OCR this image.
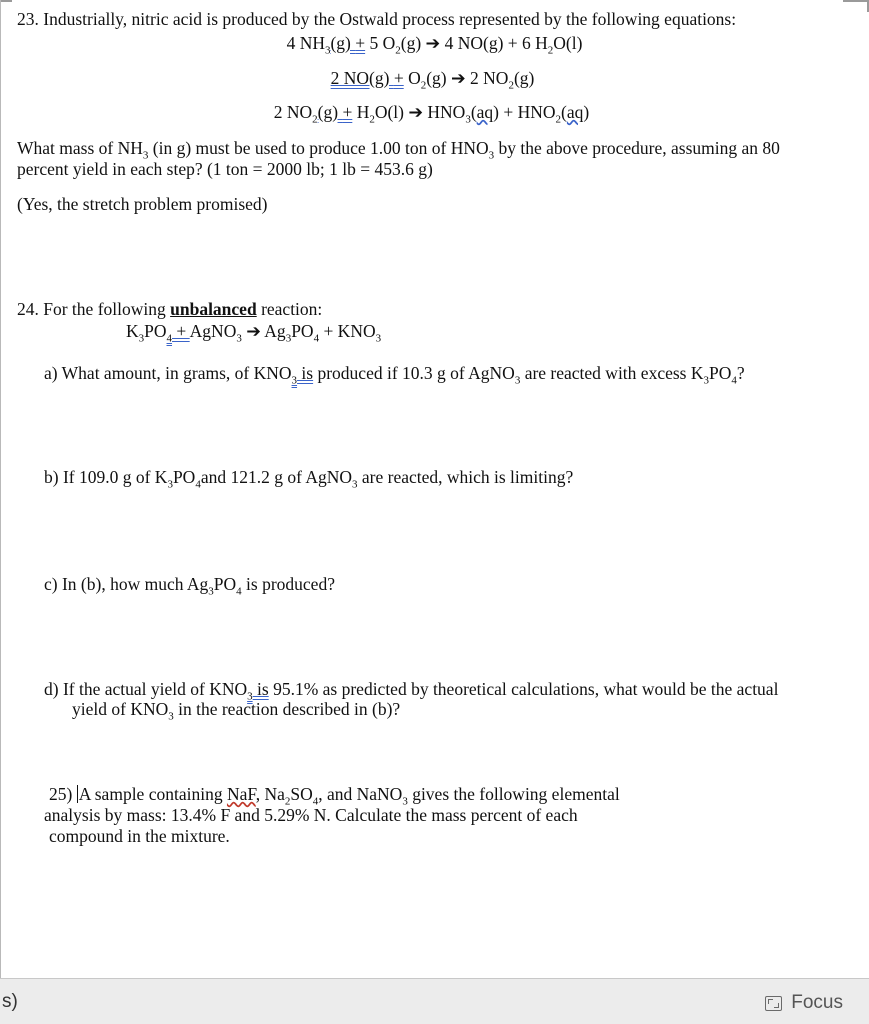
23. Industrially, nitric acid is produced by the Ostwald process represented by the following equations:
4 $NH_3(g) + 5$ $O_2(g)$ ➔ 4 NO(g) + 6 $H_2O(l)$
2 $NO(g) + O_2(g)$ ➔ 2 $NO_2(g)$
2 $NO_2(g) + H_2O(l)$ ➔ $HNO_3(aq) + HNO_2(aq)$
What mass of $NH_3$ (in g) must be used to produce 1.00 ton of $HNO_3$ by the above procedure, assuming an 80
percent yield in each step? (1 ton = 2000 lb; 1 lb = 453.6 g)
(Yes, the stretch problem promised)
24. For the following unbalanced reaction:
$K_3PO_4$ + AgNO$_3$ ➔ $Ag_3PO_4 + KNO_3$
a) What amount, in grams, of $KNO_3$ is produced if 10.3 g of AgNO$_3$ are reacted with excess $K_3PO_4$?
b) If 109.0 g of $K_3PO_4and$ 121.2 g of AgNO$_3$ are reacted, which is limiting?
c) In (b), how much $Ag_3PO_4$ is produced?
d) If the actual yield of $KNO_3$ is 95.1% as predicted by theoretical calculations, what would be the actual
yield of $KNO_3$ in the reaction described in (b)?
25) A sample containing NaF, $Na_2SO_4$, and NaNO$_3$ gives the following elemental
analysis by mass: 13.4% F and 5.29% N. Calculate the mass percent of each
compound in the mixture.
s)	Focus
